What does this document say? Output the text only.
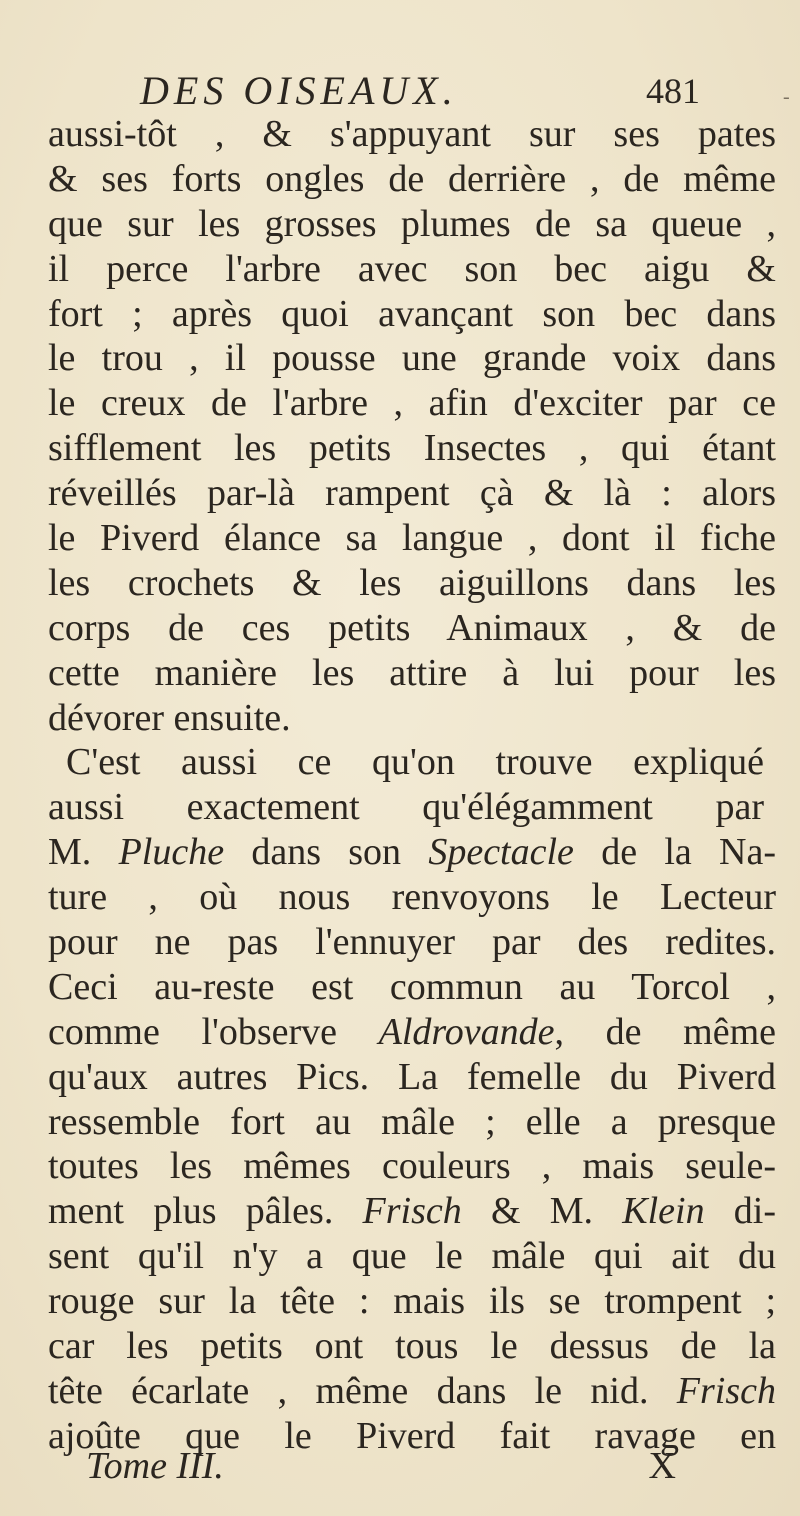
DES OISEAUX.	481	-
aussi-tôt , & s'appuyant sur ses pates
& ses forts ongles de derrière , de même
que sur les grosses plumes de sa queue ,
il perce l'arbre avec son bec aigu &
fort ; après quoi avançant son bec dans
le trou , il pousse une grande voix dans
le creux de l'arbre , afin d'exciter par ce
sifflement les petits Insectes , qui étant
réveillés par-là rampent çà & là : alors
le Piverd élance sa langue , dont il fiche
les crochets & les aiguillons dans les
corps de ces petits Animaux , & de
cette manière les attire à lui pour les
dévorer ensuite.
C'est aussi ce qu'on trouve expliqué
aussi exactement qu'élégamment par
M. Pluche dans son Spectacle de la Na-
ture , où nous renvoyons le Lecteur
pour ne pas l'ennuyer par des redites.
Ceci au-reste est commun au Torcol ,
comme l'observe Aldrovande, de même
qu'aux autres Pics. La femelle du Piverd
ressemble fort au mâle ; elle a presque
toutes les mêmes couleurs , mais seule-
ment plus pâles. Frisch & M. Klein di-
sent qu'il n'y a que le mâle qui ait du
rouge sur la tête : mais ils se trompent ;
car les petits ont tous le dessus de la
tête écarlate , même dans le nid. Frisch
ajoûte que le Piverd fait ravage en
Tome III.	X
